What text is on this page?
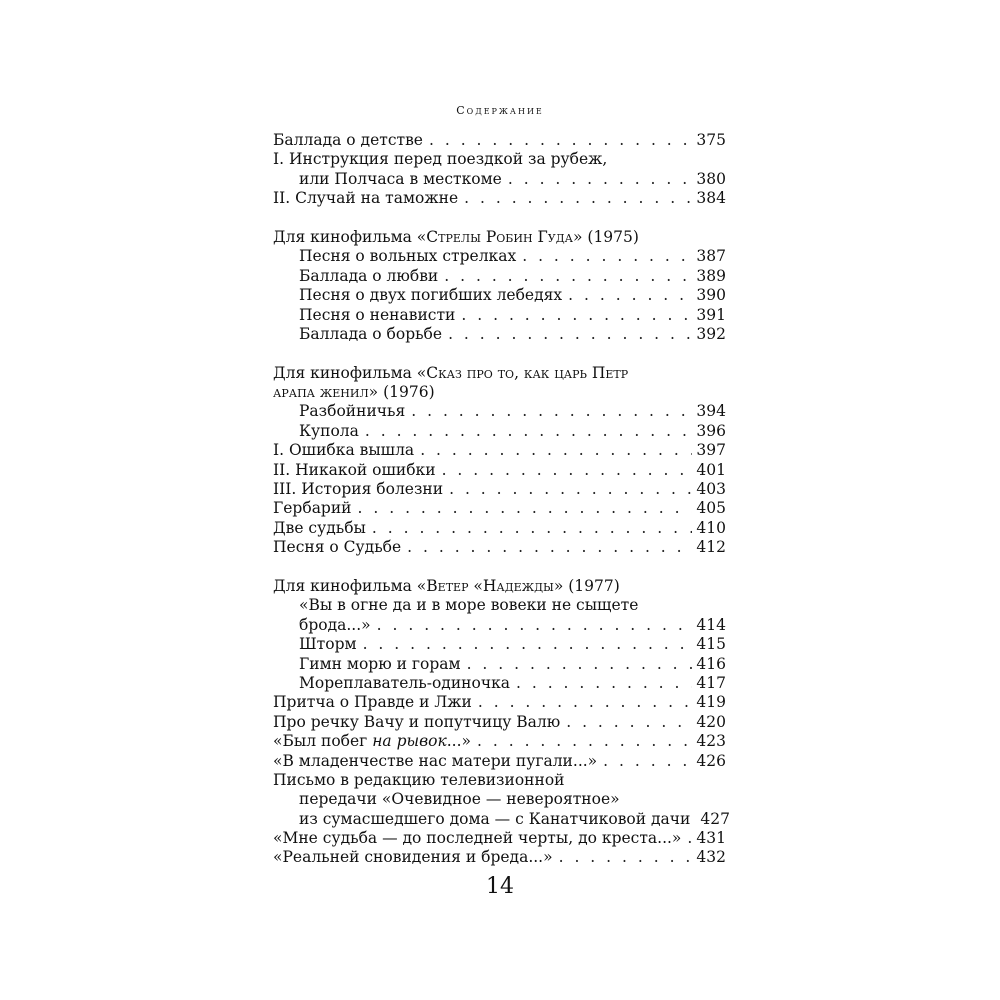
Содержание
Баллада о детстве . . .	375
I. Инструкция перед поездкой за рубеж,
или Полчаса в месткоме . . .	380
II. Случай на таможне . . .	384
Для кинофильма «Стрелы Робин Гуда» (1975)
Песня о вольных стрелках . . .	387
Баллада о любви . . .	389
Песня о двух погибших лебедях . . .	390
Песня о ненависти . . .	391
Баллада о борьбе . . .	392
Для кинофильма «Сказ про то, как царь Петр
арапа женил» (1976)
Разбойничья . . .	394
Купола . . .	396
I. Ошибка вышла . . .	397
II. Никакой ошибки . . .	401
III. История болезни . . .	403
Гербарий . . .	405
Две судьбы . . .	410
Песня о Судьбе . . .	412
Для кинофильма «Ветер «Надежды» (1977)
«Вы в огне да и в море вовеки не сыщете
брода...» . . .	414
Шторм . . .	415
Гимн морю и горам . . .	416
Мореплаватель-одиночка . . .	417
Притча о Правде и Лжи . . .	419
Про речку Вачу и попутчицу Валю . . .	420
«Был побег на рывок...» . . .	423
«В младенчестве нас матери пугали...» . . .	426
Письмо в редакцию телевизионной
передачи «Очевидное — невероятное»
из сумасшедшего дома — с Канатчиковой дачи 427
«Мне судьба — до последней черты, до креста...» . . . 431
«Реальней сновидения и бреда...» . . .	432
14
